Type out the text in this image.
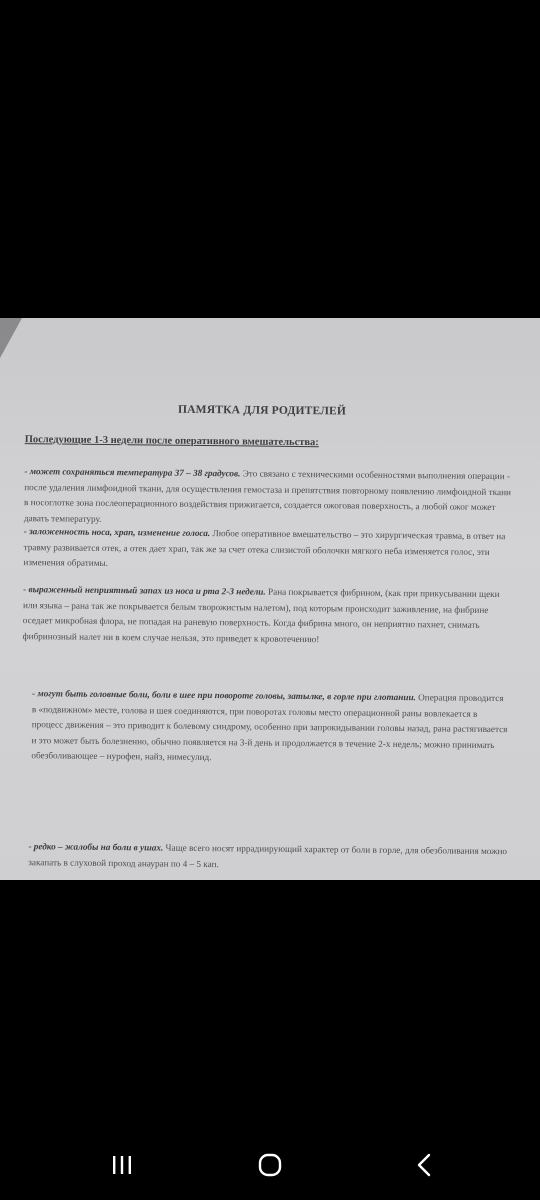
ПАМЯТКА ДЛЯ РОДИТЕЛЕЙ
Последующие 1-3 недели после оперативного вмешательства:
- может сохраняться температура 37 – 38 градусов. Это связано с техническими особенностями выполнения операции - после удаления лимфоидной ткани, для осуществления гемостаза и препятствия повторному появлению лимфоидной ткани в носоглотке зона послеоперационного воздействия прижигается, создается ожоговая поверхность, а любой ожог может давать температуру.
- заложенность носа, храп, изменение голоса. Любое оперативное вмешательство – это хирургическая травма, в ответ на травму развивается отек, а отек дает храп, так же за счет отека слизистой оболочки мягкого неба изменяется голос, эти изменения обратимы.
- выраженный неприятный запах из носа и рта 2-3 недели. Рана покрывается фибрином, (как при прикусывании щеки или языка – рана так же покрывается белым творожистым налетом), под которым происходит заживление, на фибрине оседает микробная флора, не попадая на раневую поверхность. Когда фибрина много, он неприятно пахнет, снимать фибринозный налет ни в коем случае нельзя, это приведет к кровотечению!
- могут быть головные боли, боли в шее при повороте головы, затылке, в горле при глотании. Операция проводится в «подвижном» месте, голова и шея соединяются, при поворотах головы место операционной раны вовлекается в процесс движения – это приводит к болевому синдрому, особенно при запрокидывании головы назад, рана растягивается и это может быть болезненно, обычно появляется на 3-й день и продолжается в течение 2-х недель; можно принимать обезболивающее – нурофен, найз, нимесулид.
- редко – жалобы на боли в ушах. Чаще всего носят иррадиирующий характер от боли в горле, для обезболивания можно закапать в слуховой проход анауран по 4 – 5 кап.
